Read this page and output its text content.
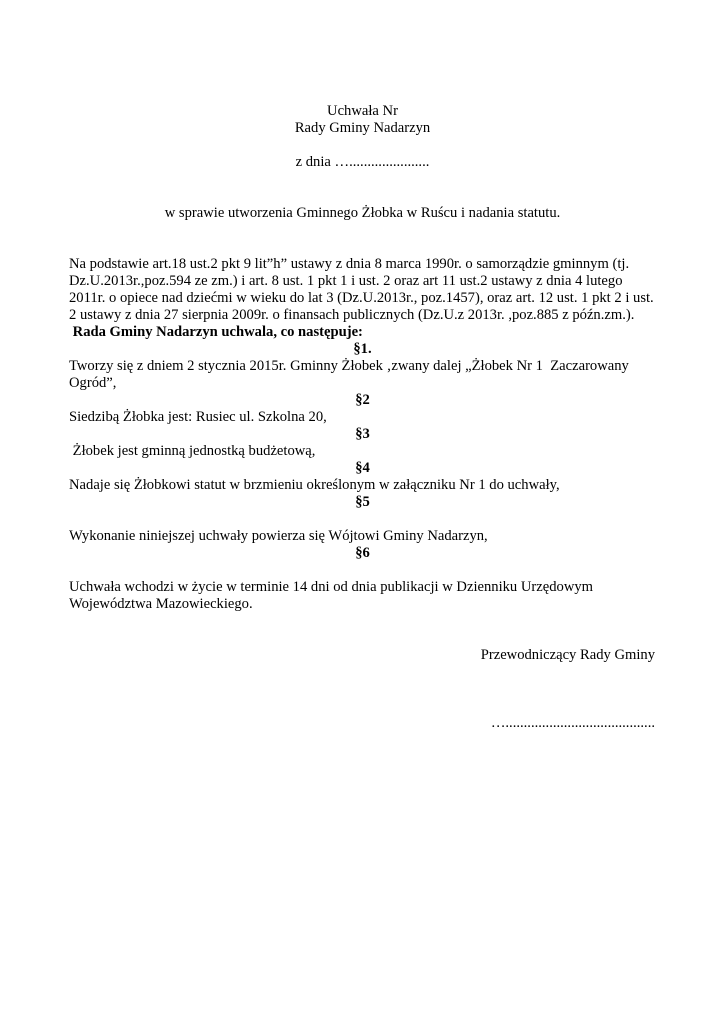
Uchwała Nr
Rady Gminy Nadarzyn
z dnia …......................
w sprawie utworzenia Gminnego Żłobka w Ruścu i nadania statutu.
Na podstawie art.18 ust.2 pkt 9 lit”h” ustawy z dnia 8 marca 1990r. o samorządzie gminnym (tj.
Dz.U.2013r.,poz.594 ze zm.) i art. 8 ust. 1 pkt 1 i ust. 2 oraz art 11 ust.2 ustawy z dnia 4 lutego
2011r. o opiece nad dziećmi w wieku do lat 3 (Dz.U.2013r., poz.1457), oraz art. 12 ust. 1 pkt 2 i ust.
2 ustawy z dnia 27 sierpnia 2009r. o finansach publicznych (Dz.U.z 2013r. ,poz.885 z późn.zm.).
Rada Gminy Nadarzyn uchwala, co następuje:
§1.
Tworzy się z dniem 2 stycznia 2015r. Gminny Żłobek ‚zwany dalej „Żłobek Nr 1  Zaczarowany
Ogród”,
§2
Siedzibą Żłobka jest: Rusiec ul. Szkolna 20,
§3
Żłobek jest gminną jednostką budżetową,
§4
Nadaje się Żłobkowi statut w brzmieniu określonym w załączniku Nr 1 do uchwały,
§5
Wykonanie niniejszej uchwały powierza się Wójtowi Gminy Nadarzyn,
§6
Uchwała wchodzi w życie w terminie 14 dni od dnia publikacji w Dzienniku Urzędowym
Województwa Mazowieckiego.
Przewodniczący Rady Gminy
….........................................
